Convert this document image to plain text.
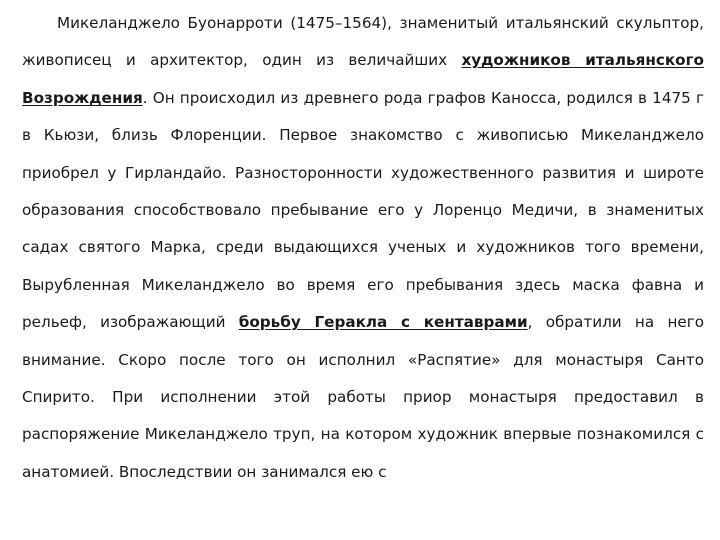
Микеланджело Буонарроти (1475–1564), знаменитый итальянский скульптор, живописец и архитектор, один из величайших художников итальянского Возрождения. Он происходил из древнего рода графов Каносса, родился в 1475 г в Кьюзи, близь Флоренции. Первое знакомство с живописью Микеланджело приобрел у Гирландайо. Разносторонности художественного развития и широте образования способствовало пребывание его у Лоренцо Медичи, в знаменитых садах святого Марка, среди выдающихся ученых и художников того времени, Вырубленная Микеланджело во время его пребывания здесь маска фавна и рельеф, изображающий борьбу Геракла с кентаврами, обратили на него внимание. Скоро после того он исполнил «Распятие» для монастыря Санто Спирито. При исполнении этой работы приор монастыря предоставил в распоряжение Микеланджело труп, на котором художник впервые познакомился с анатомией. Впоследствии он занимался ею с
